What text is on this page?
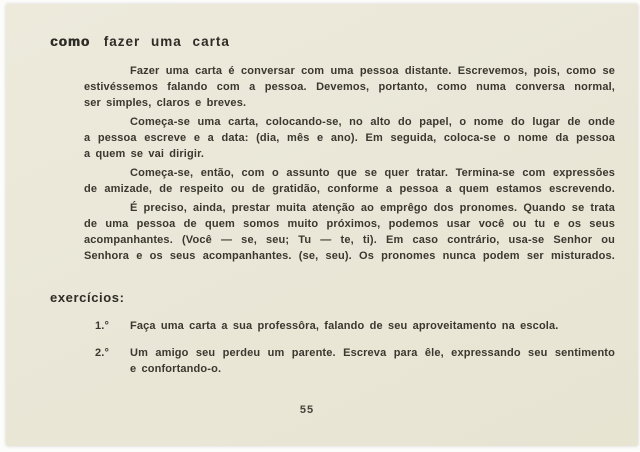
como fazer uma carta

Fazer uma carta é conversar com uma pessoa distante. Escrevemos, pois, como se
estivéssemos falando com a pessoa. Devemos, portanto, como numa conversa normal,
ser simples, claros e breves.

Começa-se uma carta, colocando-se, no alto do papel, o nome do lugar de onde
a pessoa escreve e a data: (dia, mês e ano). Em seguida, coloca-se o nome da pessoa
a quem se vai dirigir.

Começa-se, então, com o assunto que se quer tratar. Termina-se com expressões
de amizade, de respeito ou de gratidão, conforme a pessoa a quem estamos escrevendo.

É preciso, ainda, prestar muita atenção ao emprêgo dos pronomes. Quando se trata
de uma pessoa de quem somos muito próximos, podemos usar você ou tu e os seus
acompanhantes. (Você — se, seu; Tu — te, ti). Em caso contrário, usa-se Senhor ou
Senhora e os seus acompanhantes. (se, seu). Os pronomes nunca podem ser misturados.

exercícios:
1.° Faça uma carta a sua professôra, falando de seu aproveitamento na escola.
2.° Um amigo seu perdeu um parente. Escreva para êle, expressando seu sentimento
e confortando-o.
55
